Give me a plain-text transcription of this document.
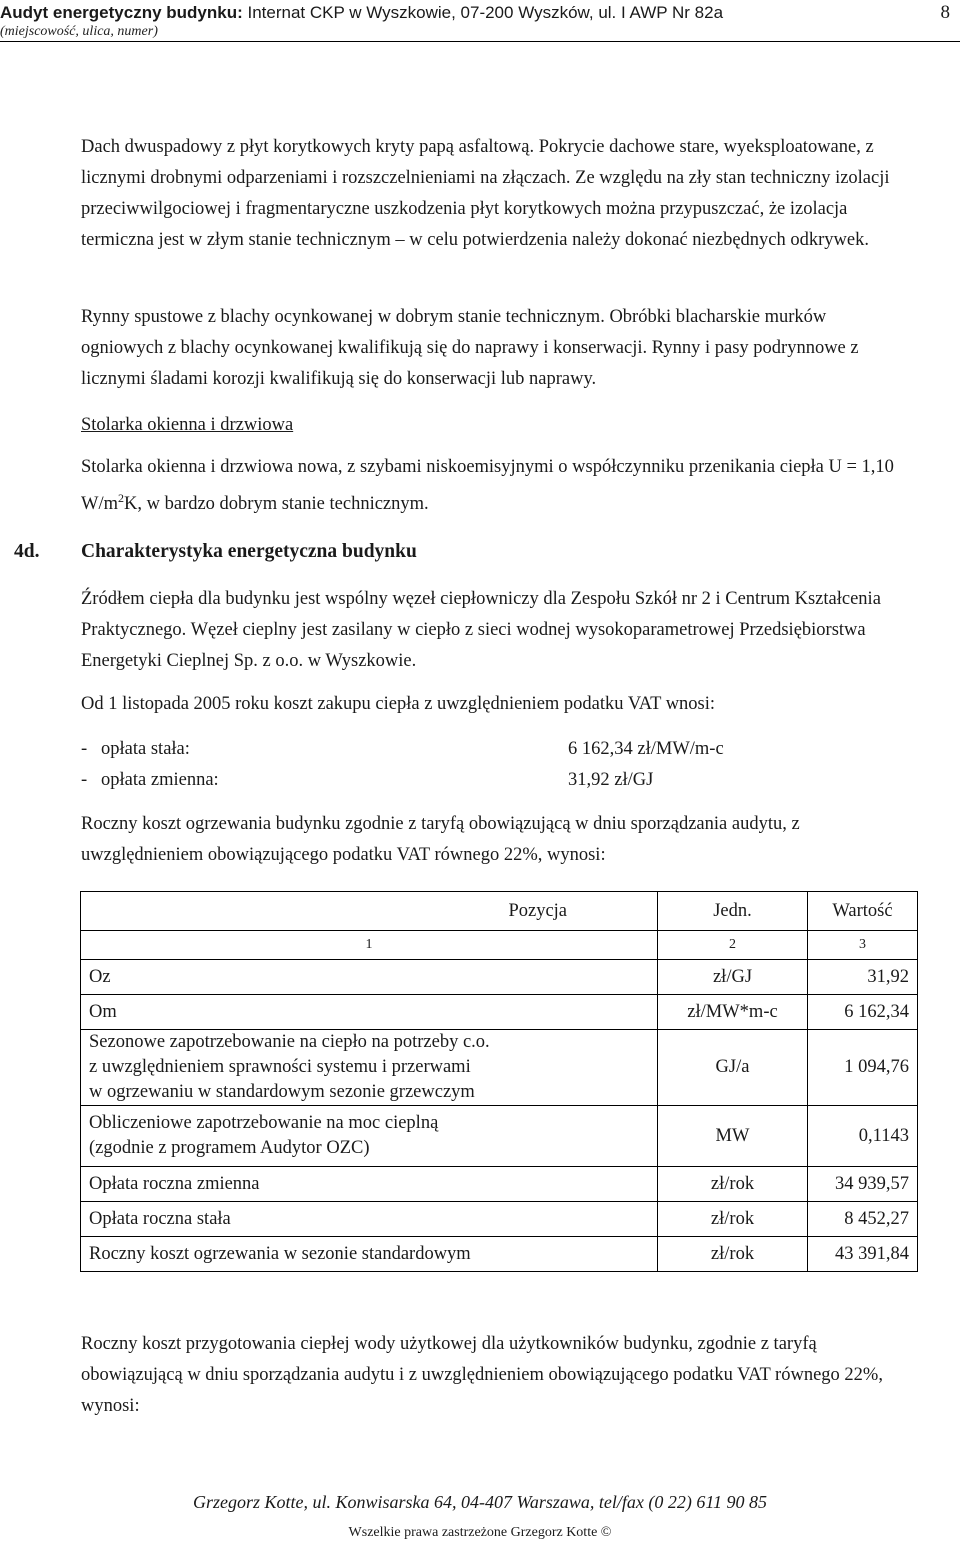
Audyt energetyczny budynku: Internat CKP w Wyszkowie, 07-200 Wyszków, ul. I AWP Nr 82a
(miejscowość, ulica, numer)
8
Dach dwuspadowy z płyt korytkowych kryty papą asfaltową. Pokrycie dachowe stare, wyeksploatowane, z licznymi drobnymi odparzeniami i rozszczelnieniami na złączach. Ze względu na zły stan techniczny izolacji przeciwwilgociowej i fragmentaryczne uszkodzenia płyt korytkowych można przypuszczać, że izolacja termiczna jest w złym stanie technicznym – w celu potwierdzenia należy dokonać niezbędnych odkrywek.
Rynny spustowe z blachy ocynkowanej w dobrym stanie technicznym. Obróbki blacharskie murków ogniowych z blachy ocynkowanej kwalifikują się do naprawy i konserwacji. Rynny i pasy podrynnowe z licznymi śladami korozji kwalifikują się do konserwacji lub naprawy.
Stolarka okienna i drzwiowa
Stolarka okienna i drzwiowa nowa, z szybami niskoemisyjnymi o współczynniku przenikania ciepła U = 1,10 $W/m^2K$, w bardzo dobrym stanie technicznym.
4d. Charakterystyka energetyczna budynku
Źródłem ciepła dla budynku jest wspólny węzeł ciepłowniczy dla Zespołu Szkół nr 2 i Centrum Kształcenia Praktycznego. Węzeł cieplny jest zasilany w ciepło z sieci wodnej wysokoparametrowej Przedsiębiorstwa Energetyki Cieplnej Sp. z o.o. w Wyszkowie.
Od 1 listopada 2005 roku koszt zakupu ciepła z uwzględnieniem podatku VAT wnosi:
-   opłata stała:	6 162,34 zł/MW/m-c
-   opłata zmienna:	31,92 zł/GJ
Roczny koszt ogrzewania budynku zgodnie z taryfą obowiązującą w dniu sporządzania audytu, z uwzględnieniem obowiązującego podatku VAT równego 22%, wynosi:
Pozycja	Jedn.	Wartość
1	2	3
Oz	zł/GJ	31,92
Om	zł/MW*m-c	6 162,34
Sezonowe zapotrzebowanie na ciepło na potrzeby c.o.
z uwzględnieniem sprawności systemu i przerwami
w ogrzewaniu w standardowym sezonie grzewczym	GJ/a	1 094,76
Obliczeniowe zapotrzebowanie na moc cieplną
(zgodnie z programem Audytor OZC)	MW	0,1143
Opłata roczna zmienna	zł/rok	34 939,57
Opłata roczna stała	zł/rok	8 452,27
Roczny koszt ogrzewania w sezonie standardowym	zł/rok	43 391,84
Roczny koszt przygotowania ciepłej wody użytkowej dla użytkowników budynku, zgodnie z taryfą obowiązującą w dniu sporządzania audytu i z uwzględnieniem obowiązującego podatku VAT równego 22%, wynosi:
Grzegorz Kotte, ul. Konwisarska 64, 04-407 Warszawa, tel/fax (0 22) 611 90 85
Wszelkie prawa zastrzeżone Grzegorz Kotte ©
